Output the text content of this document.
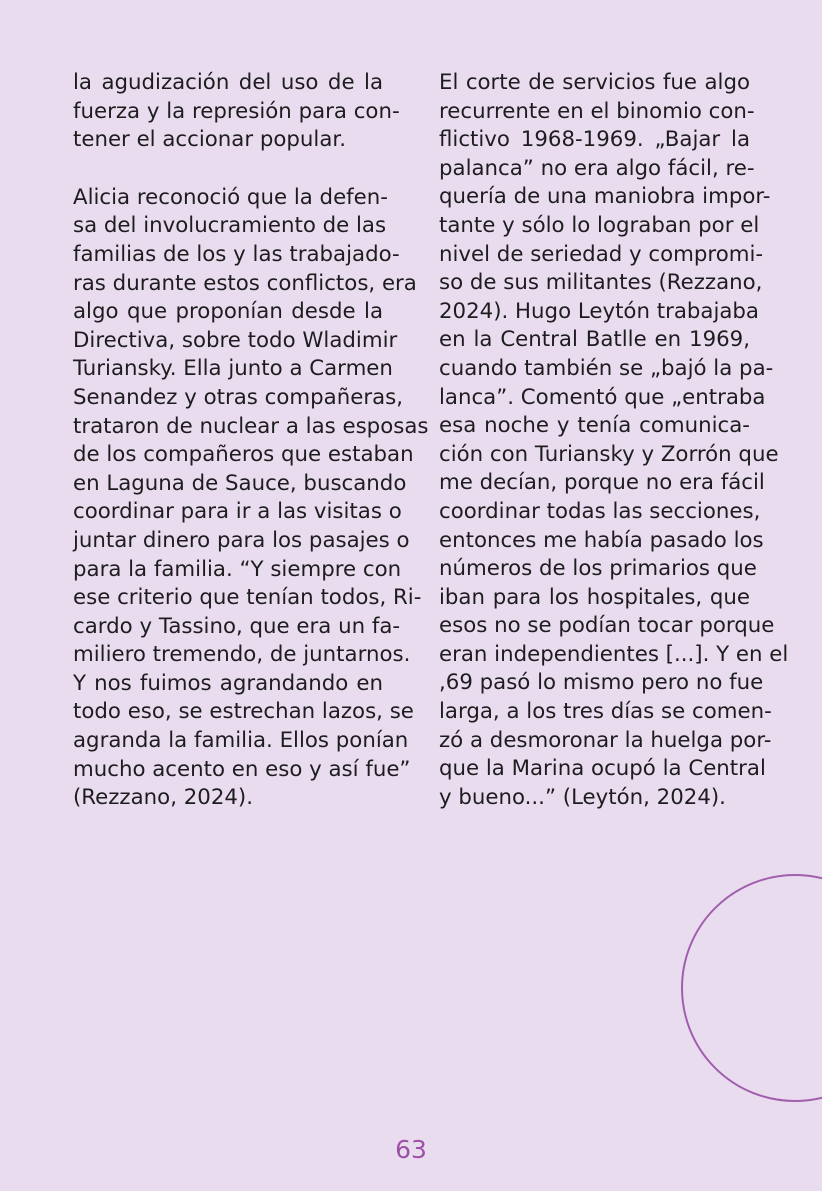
la agudización del uso de la
fuerza y la represión para con-
tener el accionar popular.

Alicia reconoció que la defen-
sa del involucramiento de las
familias de los y las trabajado-
ras durante estos conflictos, era
algo que proponían desde la
Directiva, sobre todo Wladimir
Turiansky. Ella junto a Carmen
Senandez y otras compañeras,
trataron de nuclear a las esposas
de los compañeros que estaban
en Laguna de Sauce, buscando
coordinar para ir a las visitas o
juntar dinero para los pasajes o
para la familia. “Y siempre con
ese criterio que tenían todos, Ri-
cardo y Tassino, que era un fa-
miliero tremendo, de juntarnos.
Y nos fuimos agrandando en
todo eso, se estrechan lazos, se
agranda la familia. Ellos ponían
mucho acento en eso y así fue”
(Rezzano, 2024).

El corte de servicios fue algo
recurrente en el binomio con-
flictivo 1968-1969. „Bajar la
palanca” no era algo fácil, re-
quería de una maniobra impor-
tante y sólo lo lograban por el
nivel de seriedad y compromi-
so de sus militantes (Rezzano,
2024). Hugo Leytón trabajaba
en la Central Batlle en 1969,
cuando también se „bajó la pa-
lanca”. Comentó que „entraba
esa noche y tenía comunica-
ción con Turiansky y Zorrón que
me decían, porque no era fácil
coordinar todas las secciones,
entonces me había pasado los
números de los primarios que
iban para los hospitales, que
esos no se podían tocar porque
eran independientes [...]. Y en el
,69 pasó lo mismo pero no fue
larga, a los tres días se comen-
zó a desmoronar la huelga por-
que la Marina ocupó la Central
y bueno...” (Leytón, 2024).

63
